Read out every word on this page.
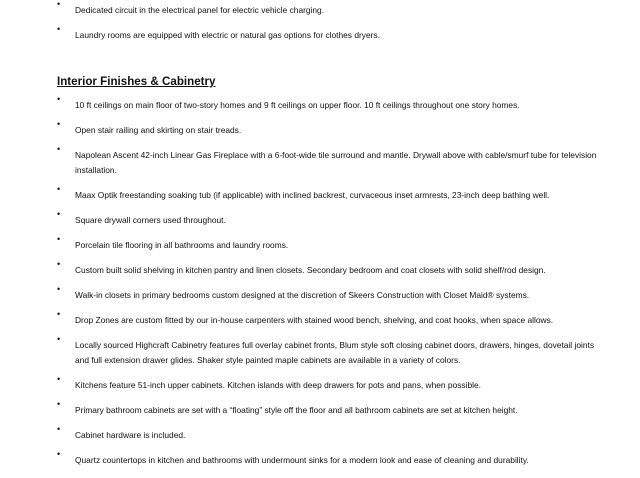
•
Dedicated circuit in the electrical panel for electric vehicle charging.
•
Laundry rooms are equipped with electric or natural gas options for clothes dryers.
Interior Finishes & Cabinetry
•
10 ft ceilings on main floor of two-story homes and 9 ft ceilings on upper floor. 10 ft ceilings throughout one story homes.
•
Open stair railing and skirting on stair treads.
•
Napolean Ascent 42-inch Linear Gas Fireplace with a 6-foot-wide tile surround and mantle. Drywall above with cable/smurf tube for television installation.
•
Maax Optik freestanding soaking tub (if applicable) with inclined backrest, curvaceous inset armrests, 23-inch deep bathing well.
•
Square drywall corners used throughout.
•
Porcelain tile flooring in all bathrooms and laundry rooms.
•
Custom built solid shelving in kitchen pantry and linen closets. Secondary bedroom and coat closets with solid shelf/rod design.
•
Walk-in closets in primary bedrooms custom designed at the discretion of Skeers Construction with Closet Maid® systems.
•
Drop Zones are custom fitted by our in-house carpenters with stained wood bench, shelving, and coat hooks, when space allows.
•
Locally sourced Highcraft Cabinetry features full overlay cabinet fronts, Blum style soft closing cabinet doors, drawers, hinges, dovetail joints and full extension drawer glides. Shaker style painted maple cabinets are available in a variety of colors.
•
Kitchens feature 51-inch upper cabinets. Kitchen islands with deep drawers for pots and pans, when possible.
•
Primary bathroom cabinets are set with a “floating” style off the floor and all bathroom cabinets are set at kitchen height.
•
Cabinet hardware is included.
•
Quartz countertops in kitchen and bathrooms with undermount sinks for a modern look and ease of cleaning and durability.
